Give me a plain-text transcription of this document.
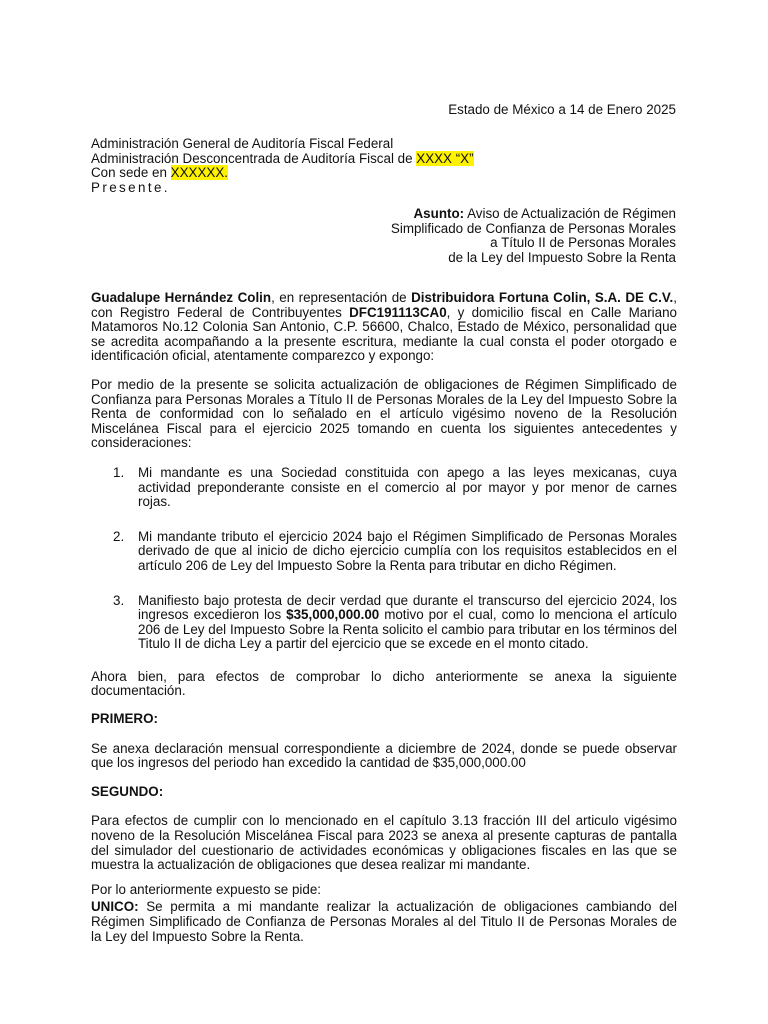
Estado de México a 14 de Enero 2025
Administración General de Auditoría Fiscal Federal
Administración Desconcentrada de Auditoría Fiscal de XXXX “X”
Con sede en XXXXXX.
Presente.
Asunto: Aviso de Actualización de Régimen
Simplificado de Confianza de Personas Morales
a Título II de Personas Morales
de la Ley del Impuesto Sobre la Renta

Guadalupe Hernández Colin, en representación de Distribuidora Fortuna Colin, S.A. DE C.V., con Registro Federal de Contribuyentes DFC191113CA0, y domicilio fiscal en Calle Mariano Matamoros No.12 Colonia San Antonio, C.P. 56600, Chalco, Estado de México, personalidad que se acredita acompañando a la presente escritura, mediante la cual consta el poder otorgado e identificación oficial, atentamente comparezco y expongo:

Por medio de la presente se solicita actualización de obligaciones de Régimen Simplificado de Confianza para Personas Morales a Título II de Personas Morales de la Ley del Impuesto Sobre la Renta de conformidad con lo señalado en el artículo vigésimo noveno de la Resolución Miscelánea Fiscal para el ejercicio 2025 tomando en cuenta los siguientes antecedentes y consideraciones:

1. Mi mandante es una Sociedad constituida con apego a las leyes mexicanas, cuya actividad preponderante consiste en el comercio al por mayor y por menor de carnes rojas.
2. Mi mandante tributo el ejercicio 2024 bajo el Régimen Simplificado de Personas Morales derivado de que al inicio de dicho ejercicio cumplía con los requisitos establecidos en el artículo 206 de Ley del Impuesto Sobre la Renta para tributar en dicho Régimen.
3. Manifiesto bajo protesta de decir verdad que durante el transcurso del ejercicio 2024, los ingresos excedieron los $35,000,000.00 motivo por el cual, como lo menciona el artículo 206 de Ley del Impuesto Sobre la Renta solicito el cambio para tributar en los términos del Titulo II de dicha Ley a partir del ejercicio que se excede en el monto citado.

Ahora bien, para efectos de comprobar lo dicho anteriormente se anexa la siguiente documentación.

PRIMERO:

Se anexa declaración mensual correspondiente a diciembre de 2024, donde se puede observar que los ingresos del periodo han excedido la cantidad de $35,000,000.00

SEGUNDO:

Para efectos de cumplir con lo mencionado en el capítulo 3.13 fracción III del articulo vigésimo noveno de la Resolución Miscelánea Fiscal para 2023 se anexa al presente capturas de pantalla del simulador del cuestionario de actividades económicas y obligaciones fiscales en las que se muestra la actualización de obligaciones que desea realizar mi mandante.

Por lo anteriormente expuesto se pide:

UNICO: Se permita a mi mandante realizar la actualización de obligaciones cambiando del Régimen Simplificado de Confianza de Personas Morales al del Titulo II de Personas Morales de la Ley del Impuesto Sobre la Renta.
